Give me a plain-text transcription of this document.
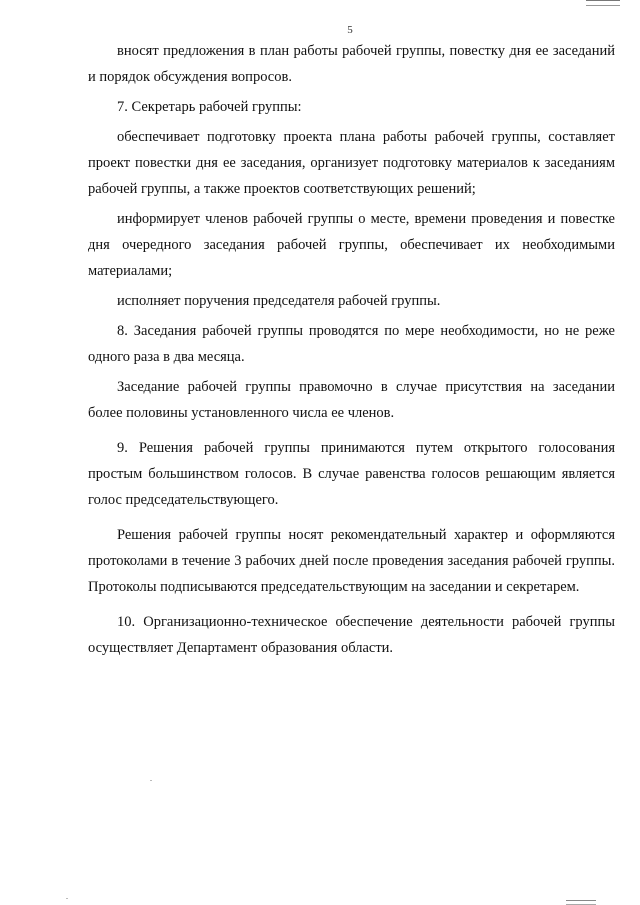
5

вносят предложения в план работы рабочей группы, повестку дня ее заседаний и порядок обсуждения вопросов.

7. Секретарь рабочей группы:

обеспечивает подготовку проекта плана работы рабочей группы, составляет проект повестки дня ее заседания, организует подготовку материалов к заседаниям рабочей группы, а также проектов соответствующих решений;

информирует членов рабочей группы о месте, времени проведения и повестке дня очередного заседания рабочей группы, обеспечивает их необходимыми материалами;

исполняет поручения председателя рабочей группы.

8. Заседания рабочей группы проводятся по мере необходимости, но не реже одного раза в два месяца.

Заседание рабочей группы правомочно в случае присутствия на заседании более половины установленного числа ее членов.

9. Решения рабочей группы принимаются путем открытого голосования простым большинством голосов. В случае равенства голосов решающим является голос председательствующего.

Решения рабочей группы носят рекомендательный характер и оформляются протоколами в течение 3 рабочих дней после проведения заседания рабочей группы. Протоколы подписываются председательствующим на заседании и секретарем.

10. Организационно-техническое обеспечение деятельности рабочей группы осуществляет Департамент образования области.
